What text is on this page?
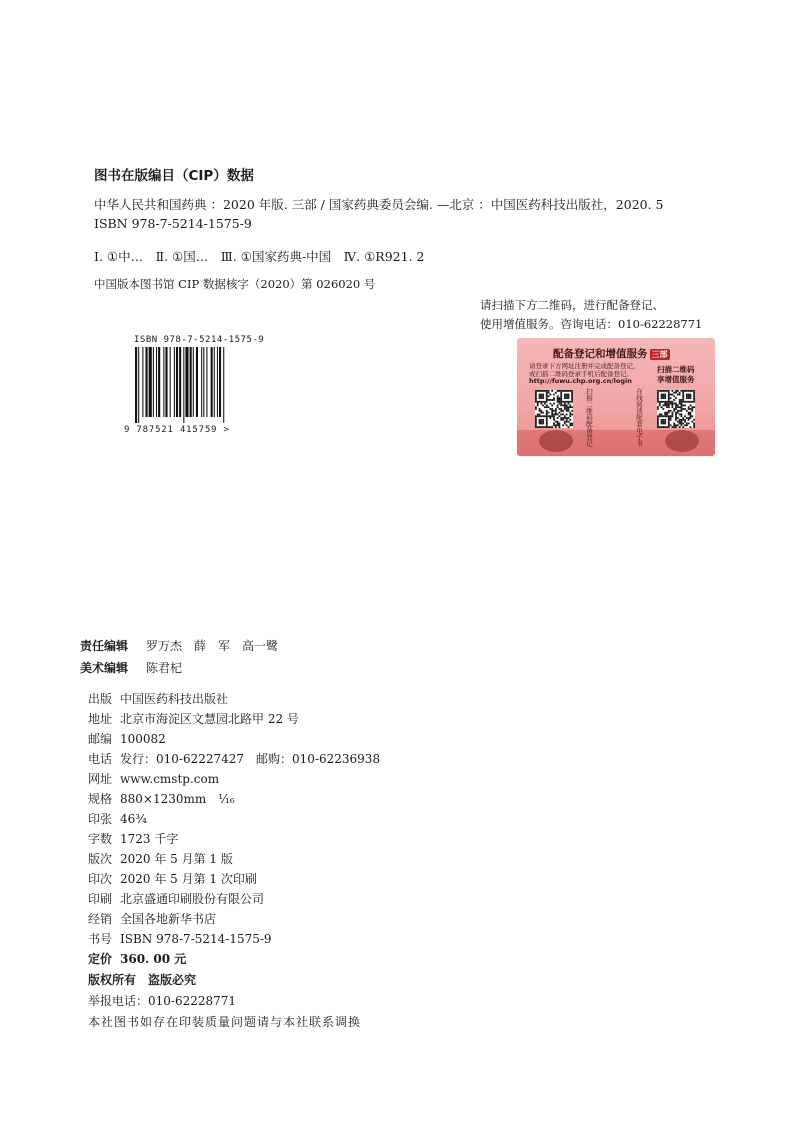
图书在版编目（CIP）数据
中华人民共和国药典 ：2020 年版. 三部 / 国家药典委员会编. —北京 ：中国医药科技出版社，2020. 5
ISBN 978-7-5214-1575-9
Ⅰ. ①中…　Ⅱ. ①国…　Ⅲ. ①国家药典-中国　Ⅳ. ①R921. 2
中国版本图书馆 CIP 数据核字（2020）第 026020 号
请扫描下方二维码，进行配备登记、
使用增值服务。咨询电话：010-62228771
ISBN 978-7-5214-1575-9
9 787521 415759 >
配备登记和增值服务 三部
请登录下方网址注册并完成配备登记，
或扫描二维码登录手机后配备登记。
http://fuwu.chp.org.cn/login
扫描二维码
享增值服务
扫描二维码配备登记	在线阅读配套电子书
责任编辑 罗万杰　薛　军　高一鹭
美术编辑 陈君杞
出版 中国医药科技出版社
地址 北京市海淀区文慧园北路甲 22 号
邮编 100082
电话 发行：010-62227427　邮购：010-62236938
网址 www.cmstp.com
规格 880×1230mm　¹⁄₁₆
印张 46¾
字数 1723 千字
版次 2020 年 5 月第 1 版
印次 2020 年 5 月第 1 次印刷
印刷 北京盛通印刷股份有限公司
经销 全国各地新华书店
书号 ISBN 978-7-5214-1575-9
定价 360. 00 元
版权所有　盗版必究
举报电话：010-62228771
本社图书如存在印装质量问题请与本社联系调换
